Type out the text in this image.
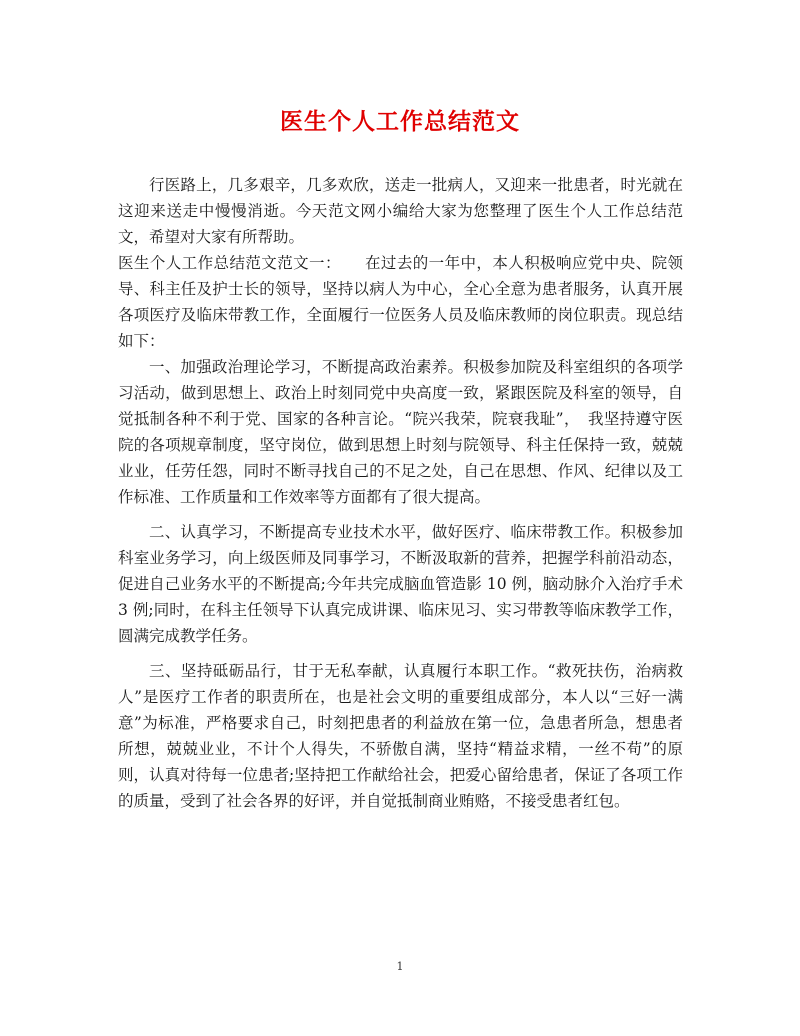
医生个人工作总结范文

行医路上，几多艰辛，几多欢欣，送走一批病人，又迎来一批患者，时光就在这迎来送走中慢慢消逝。今天范文网小编给大家为您整理了医生个人工作总结范文，希望对大家有所帮助。

医生个人工作总结范文范文一：　　在过去的一年中，本人积极响应党中央、院领导、科主任及护士长的领导，坚持以病人为中心，全心全意为患者服务，认真开展各项医疗及临床带教工作，全面履行一位医务人员及临床教师的岗位职责。现总结如下：

一、加强政治理论学习，不断提高政治素养。积极参加院及科室组织的各项学习活动，做到思想上、政治上时刻同党中央高度一致，紧跟医院及科室的领导，自觉抵制各种不利于党、国家的各种言论。“院兴我荣，院衰我耻”，　我坚持遵守医院的各项规章制度，坚守岗位，做到思想上时刻与院领导、科主任保持一致，兢兢业业，任劳任怨，同时不断寻找自己的不足之处，自己在思想、作风、纪律以及工作标准、工作质量和工作效率等方面都有了很大提高。

二、认真学习，不断提高专业技术水平，做好医疗、临床带教工作。积极参加科室业务学习，向上级医师及同事学习，不断汲取新的营养，把握学科前沿动态，促进自己业务水平的不断提高;今年共完成脑血管造影 10 例，脑动脉介入治疗手术 3 例;同时，在科主任领导下认真完成讲课、临床见习、实习带教等临床教学工作，圆满完成教学任务。

三、坚持砥砺品行，甘于无私奉献，认真履行本职工作。“救死扶伤，治病救人”是医疗工作者的职责所在，也是社会文明的重要组成部分，本人以“三好一满意”为标准，严格要求自己，时刻把患者的利益放在第一位，急患者所急，想患者所想，兢兢业业，不计个人得失，不骄傲自满，坚持“精益求精，一丝不苟”的原则，认真对待每一位患者;坚持把工作献给社会，把爱心留给患者，保证了各项工作的质量，受到了社会各界的好评，并自觉抵制商业贿赂，不接受患者红包。

1
